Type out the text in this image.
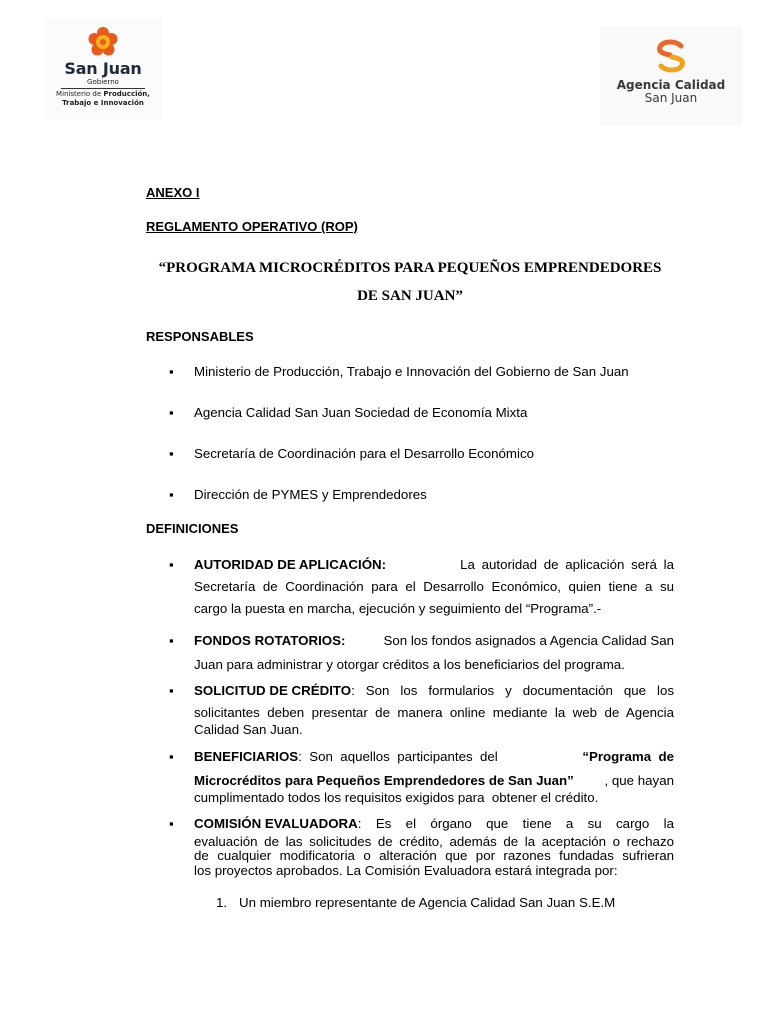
San Juan
Gobierno
Ministerio de Producción,
Trabajo e Innovación
Agencia Calidad
San Juan
ANEXO I
REGLAMENTO OPERATIVO (ROP)
“PROGRAMA MICROCRÉDITOS PARA PEQUEÑOS EMPRENDEDORES
DE SAN JUAN”
RESPONSABLES
▪	Ministerio de Producción, Trabajo e Innovación del Gobierno de San Juan
▪	Agencia Calidad San Juan Sociedad de Economía Mixta
▪	Secretaría de Coordinación para el Desarrollo Económico
▪	Dirección de PYMES y Emprendedores
DEFINICIONES
▪	AUTORIDAD DE APLICACIÓN:	La autoridad de aplicación será la
Secretaría de Coordinación para el Desarrollo Económico, quien tiene a su
cargo la puesta en marcha, ejecución y seguimiento del “Programa”.-
▪	FONDOS ROTATORIOS:	Son los fondos asignados a Agencia Calidad San
Juan para administrar y otorgar créditos a los beneficiarios del programa.
▪	SOLICITUD DE CRÉDITO : Son los formularios y documentación que los
solicitantes deben presentar de manera online mediante la web de Agencia
Calidad San Juan.
▪	BENEFICIARIOS :  Son  aquellos  participantes  del	“Programa  de
Microcréditos para Pequeños Emprendedores de San Juan” , que hayan
cumplimentado todos los requisitos exigidos para  obtener el crédito.
▪	COMISIÓN EVALUADORA : Es el órgano que tiene a su cargo la
evaluación de las solicitudes de crédito, además de la aceptación o rechazo
de cualquier modificatoria o alteración que por razones fundadas sufrieran
los proyectos aprobados. La Comisión Evaluadora estará integrada por:
1. Un miembro representante de Agencia Calidad San Juan S.E.M
